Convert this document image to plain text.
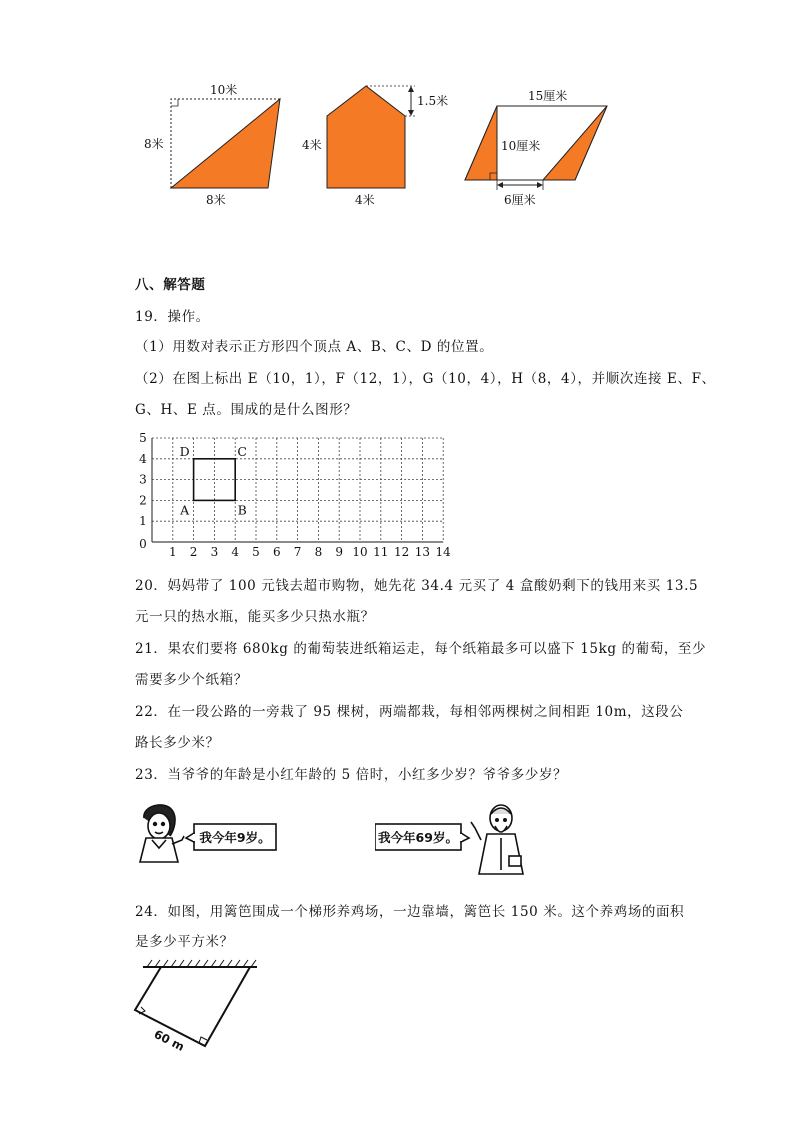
10米
8米
8米
1.5米
4米
4米
15厘米
10厘米
6厘米
八、解答题
19．操作。
（1）用数对表示正方形四个顶点 A、B、C、D 的位置。
（2）在图上标出 E（10，1），F（12，1），G（10，4），H（8，4），并顺次连接 E、F、
G、H、E 点。围成的是什么图形？
1 2 3 4 5 6 7 8 9 10 11 12 13 14
0
1
2
3
4
5
A	B
C
D
20．妈妈带了 100 元钱去超市购物，她先花 34.4 元买了 4 盒酸奶剩下的钱用来买 13.5
元一只的热水瓶，能买多少只热水瓶？
21．果农们要将 680kg 的葡萄装进纸箱运走，每个纸箱最多可以盛下 15kg 的葡萄，至少
需要多少个纸箱？
22．在一段公路的一旁栽了 95 棵树，两端都栽，每相邻两棵树之间相距 10m，这段公
路长多少米？
23．当爷爷的年龄是小红年龄的 5 倍时，小红多少岁？爷爷多少岁？
我今年9岁。	我今年69岁。
24．如图，用篱笆围成一个梯形养鸡场，一边靠墙，篱笆长 150 米。这个养鸡场的面积
是多少平方米？
60 m
